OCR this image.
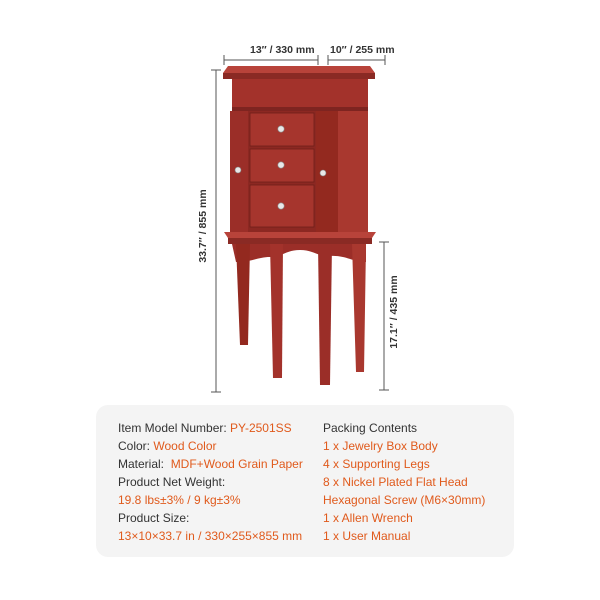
13″ / 330 mm 10″ / 255 mm
33.7″ / 855 mm
17.1″ / 435 mm
Item Model Number: PY-2501SS
Color: Wood Color
Material: MDF+Wood Grain Paper
Product Net Weight:
19.8 lbs±3% / 9 kg±3%
Product Size:
13×10×33.7 in / 330×255×855 mm
Packing Contents
1 x Jewelry Box Body
4 x Supporting Legs
8 x Nickel Plated Flat Head
Hexagonal Screw (M6×30mm)
1 x Allen Wrench
1 x User Manual
